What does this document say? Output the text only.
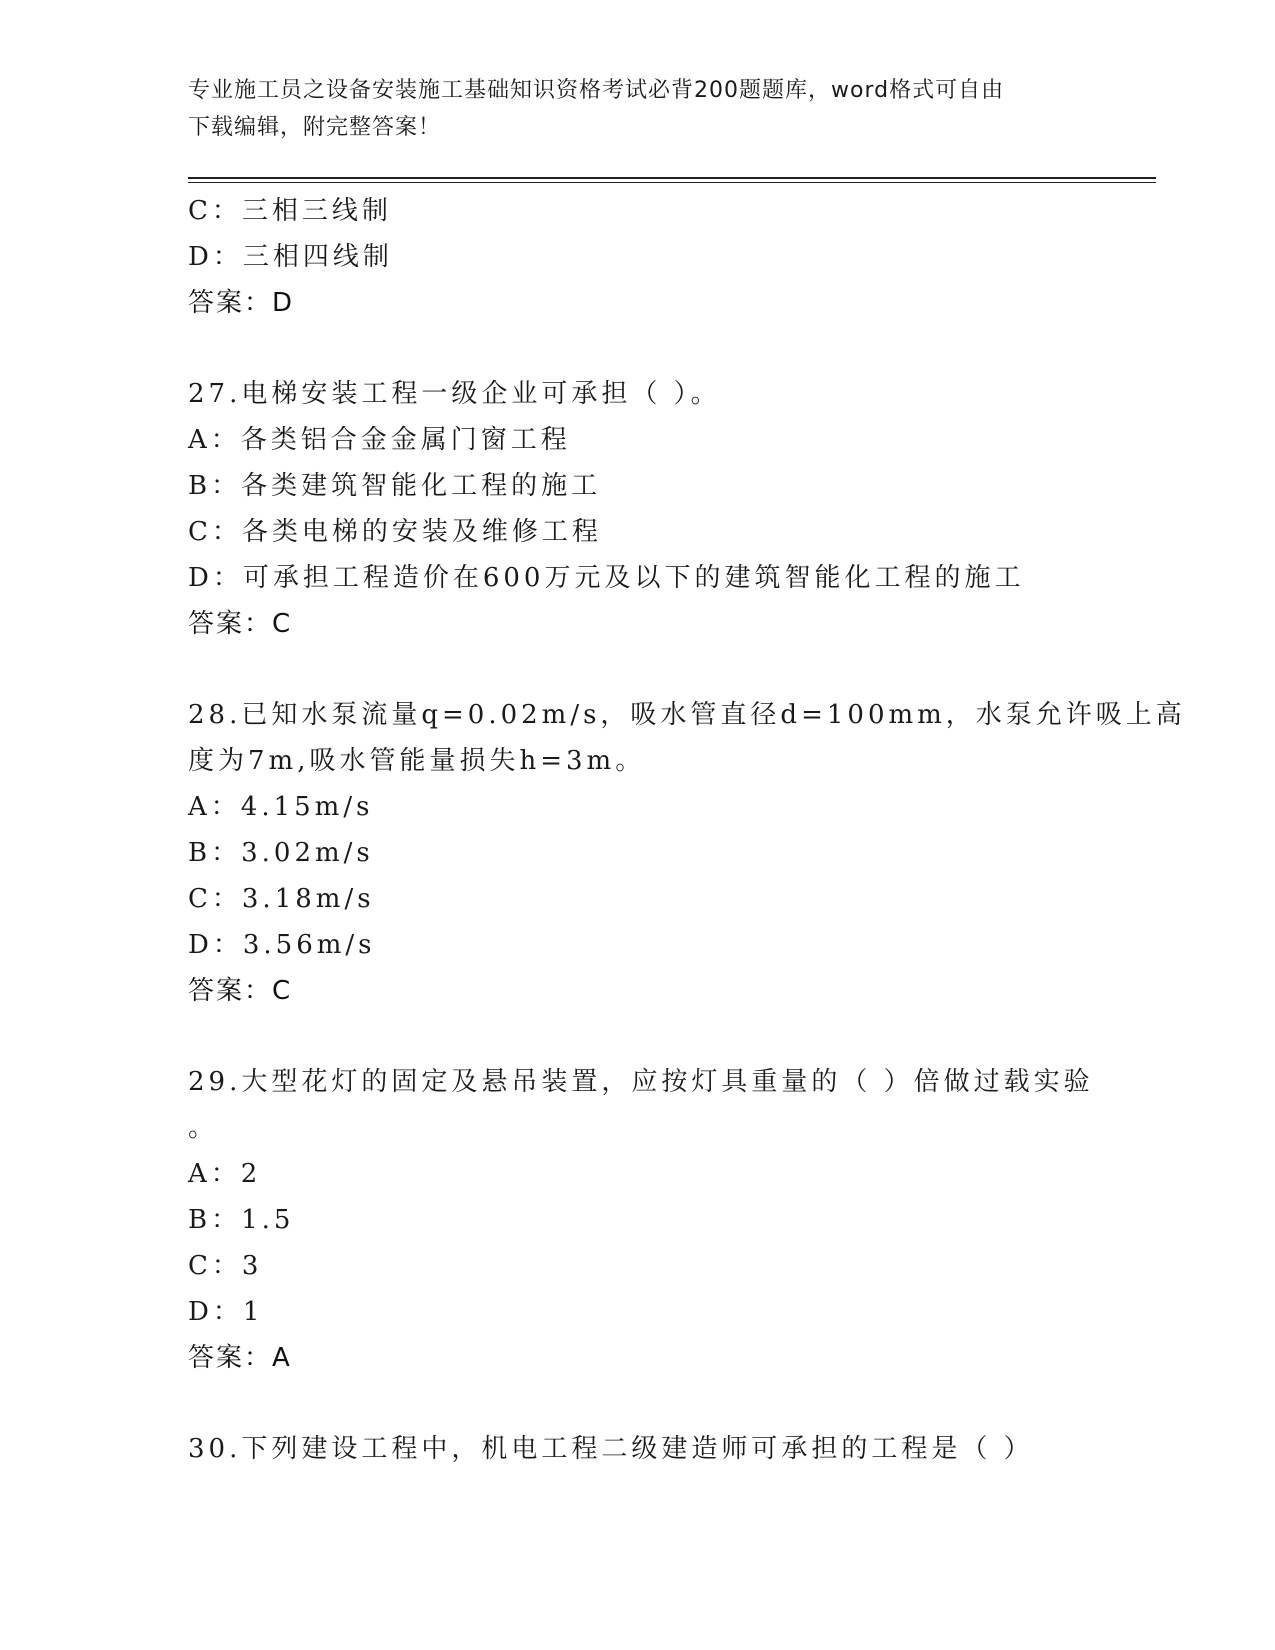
专业施工员之设备安装施工基础知识资格考试必背200题题库，word格式可自由
下载编辑，附完整答案！
C：三相三线制
D：三相四线制
答案：D
27.电梯安装工程一级企业可承担（ ）。
A：各类铝合金金属门窗工程
B：各类建筑智能化工程的施工
C：各类电梯的安装及维修工程
D：可承担工程造价在600万元及以下的建筑智能化工程的施工
答案：C
28.已知水泵流量q=0.02m/s，吸水管直径d=100mm，水泵允许吸上高
度为7m,吸水管能量损失h=3m。
A：4.15m/s
B：3.02m/s
C：3.18m/s
D：3.56m/s
答案：C
29.大型花灯的固定及悬吊装置，应按灯具重量的（ ）倍做过载实验
。
A：2
B：1.5
C：3
D：1
答案：A
30.下列建设工程中，机电工程二级建造师可承担的工程是（ ）
